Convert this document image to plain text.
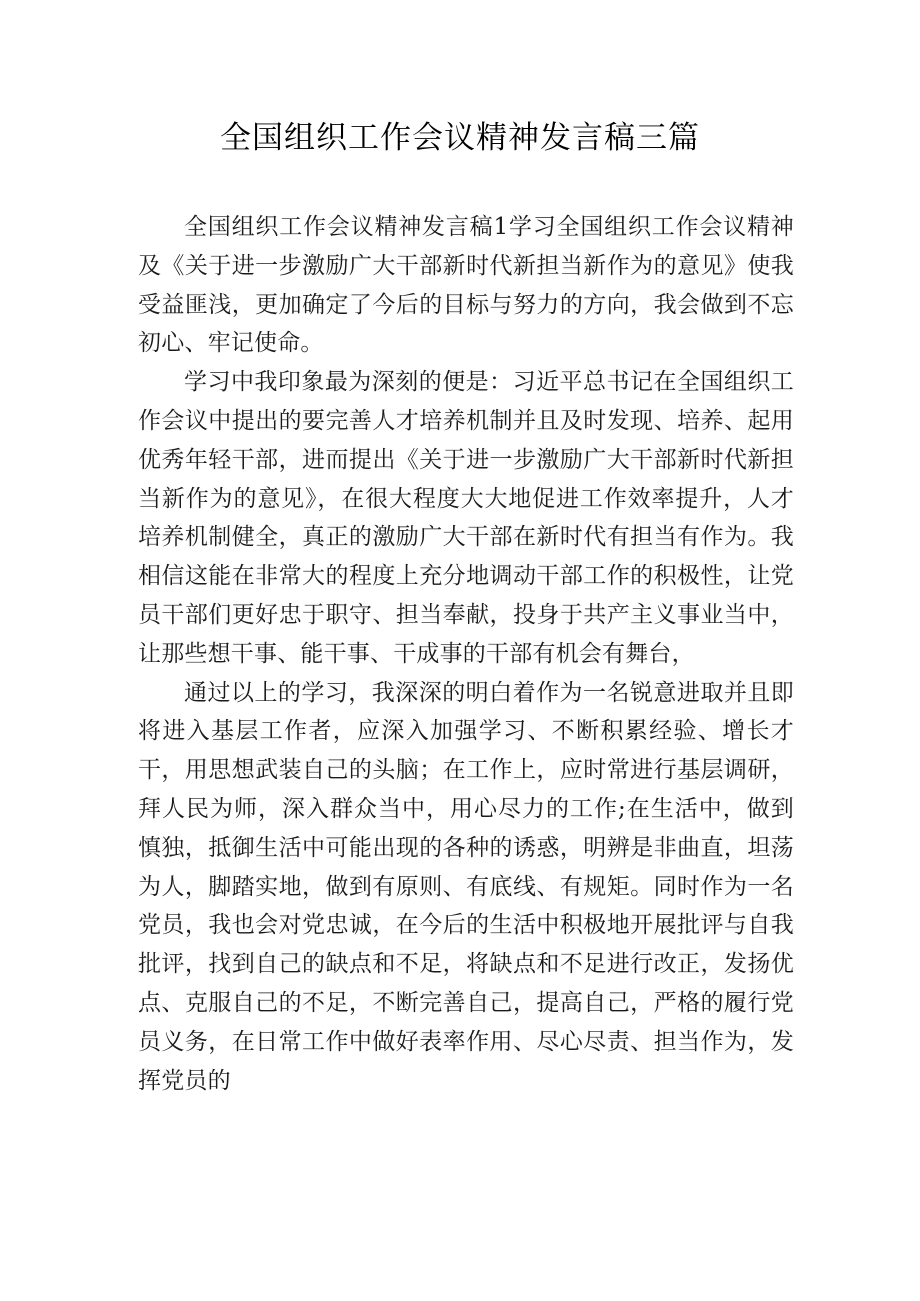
全国组织工作会议精神发言稿三篇

全国组织工作会议精神发言稿1学习全国组织工作会议精神及《关于进一步激励广大干部新时代新担当新作为的意见》使我受益匪浅，更加确定了今后的目标与努力的方向，我会做到不忘初心、牢记使命。

学习中我印象最为深刻的便是：习近平总书记在全国组织工作会议中提出的要完善人才培养机制并且及时发现、培养、起用优秀年轻干部，进而提出《关于进一步激励广大干部新时代新担当新作为的意见》，在很大程度大大地促进工作效率提升，人才培养机制健全，真正的激励广大干部在新时代有担当有作为。我相信这能在非常大的程度上充分地调动干部工作的积极性，让党员干部们更好忠于职守、担当奉献，投身于共产主义事业当中，让那些想干事、能干事、干成事的干部有机会有舞台，

通过以上的学习，我深深的明白着作为一名锐意进取并且即将进入基层工作者，应深入加强学习、不断积累经验、增长才干，用思想武装自己的头脑；在工作上，应时常进行基层调研，拜人民为师，深入群众当中，用心尽力的工作;在生活中，做到慎独，抵御生活中可能出现的各种的诱惑，明辨是非曲直，坦荡为人，脚踏实地，做到有原则、有底线、有规矩。同时作为一名党员，我也会对党忠诚，在今后的生活中积极地开展批评与自我批评，找到自己的缺点和不足，将缺点和不足进行改正，发扬优点、克服自己的不足，不断完善自己，提高自己，严格的履行党员义务，在日常工作中做好表率作用、尽心尽责、担当作为，发挥党员的
